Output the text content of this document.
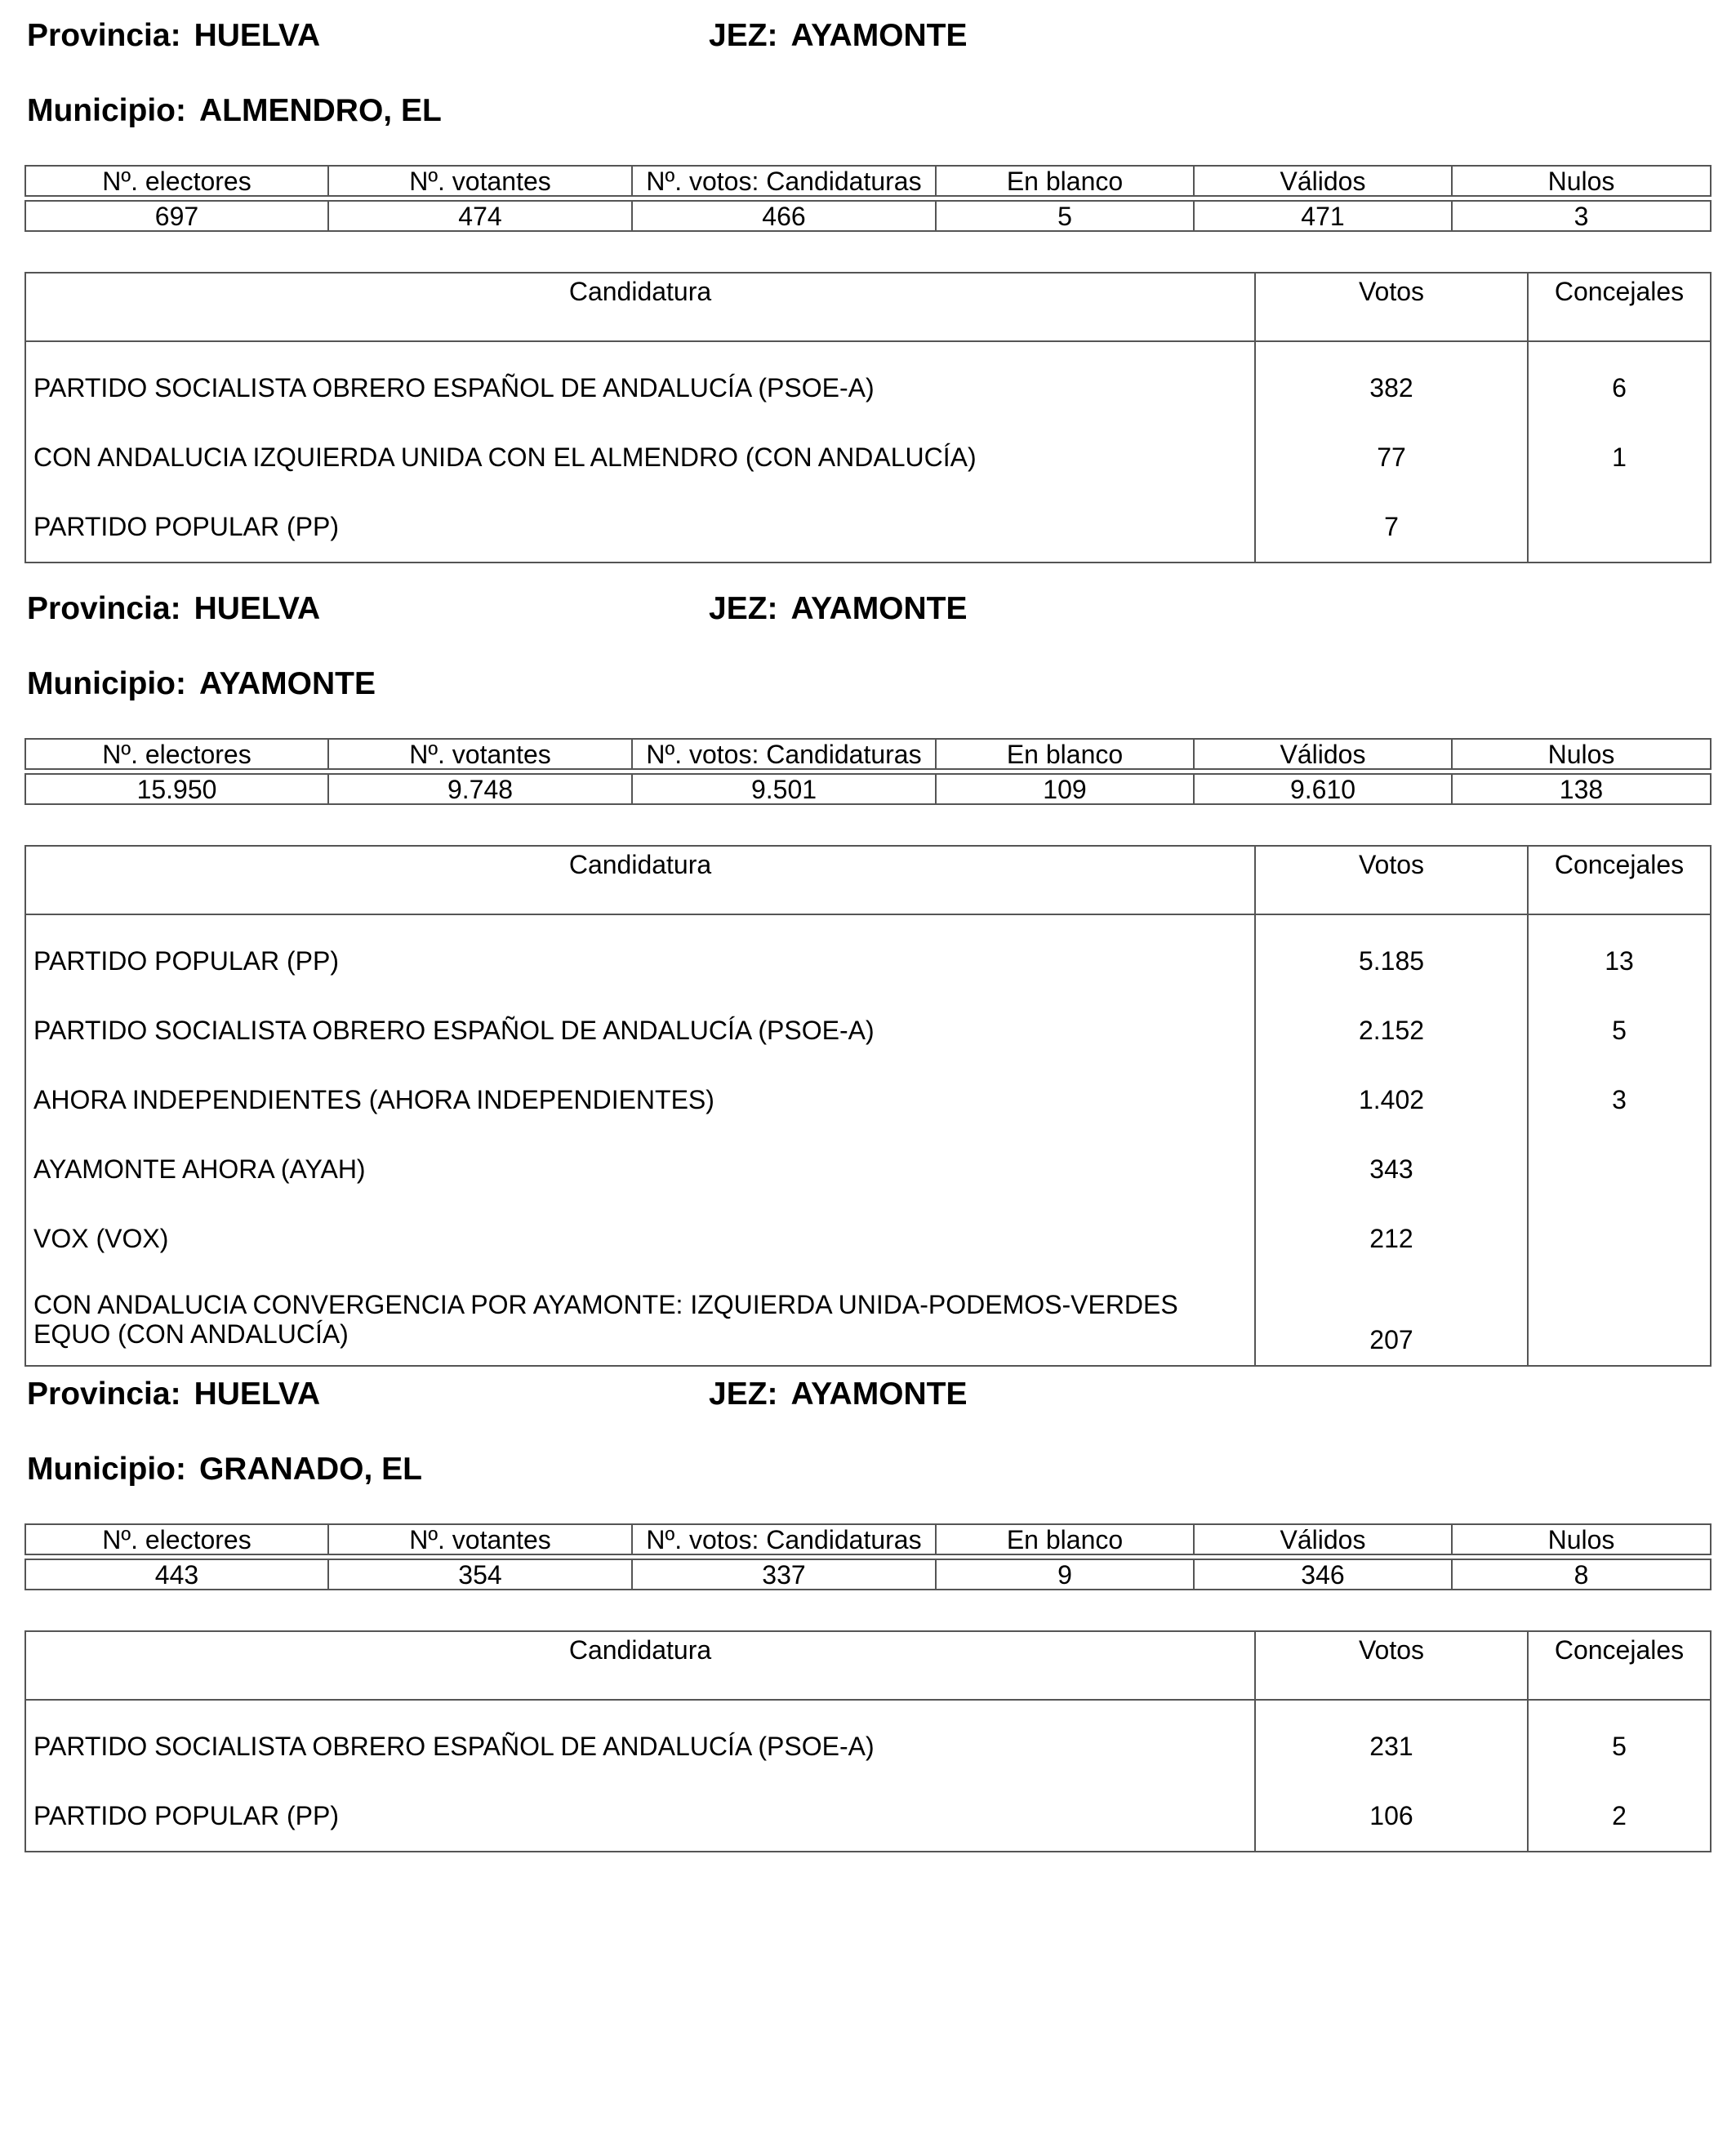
Provincia: HUELVA	JEZ: AYAMONTE
Municipio: ALMENDRO, EL
Nº. electores	Nº. votantes	Nº. votos: Candidaturas	En blanco	Válidos	Nulos
697	474	466	5	471	3
Candidatura	Votos	Concejales

PARTIDO SOCIALISTA OBRERO ESPAÑOL DE ANDALUCÍA (PSOE-A)	382	6
CON ANDALUCIA IZQUIERDA UNIDA CON EL ALMENDRO (CON ANDALUCÍA)	77	1
PARTIDO POPULAR (PP)	7	
Provincia: HUELVA	JEZ: AYAMONTE
Municipio: AYAMONTE
Nº. electores	Nº. votantes	Nº. votos: Candidaturas	En blanco	Válidos	Nulos
15.950	9.748	9.501	109	9.610	138
Candidatura	Votos	Concejales

PARTIDO POPULAR (PP)	5.185	13
PARTIDO SOCIALISTA OBRERO ESPAÑOL DE ANDALUCÍA (PSOE-A)	2.152	5
AHORA INDEPENDIENTES (AHORA INDEPENDIENTES)	1.402	3
AYAMONTE AHORA (AYAH)	343	
VOX (VOX)	212	

CON ANDALUCIA CONVERGENCIA POR AYAMONTE: IZQUIERDA UNIDA-PODEMOS-VERDES
EQUO (CON ANDALUCÍA)	207	
Provincia: HUELVA	JEZ: AYAMONTE
Municipio: GRANADO, EL
Nº. electores	Nº. votantes	Nº. votos: Candidaturas	En blanco	Válidos	Nulos
443	354	337	9	346	8
Candidatura	Votos	Concejales

PARTIDO SOCIALISTA OBRERO ESPAÑOL DE ANDALUCÍA (PSOE-A)	231	5
PARTIDO POPULAR (PP)	106	2
